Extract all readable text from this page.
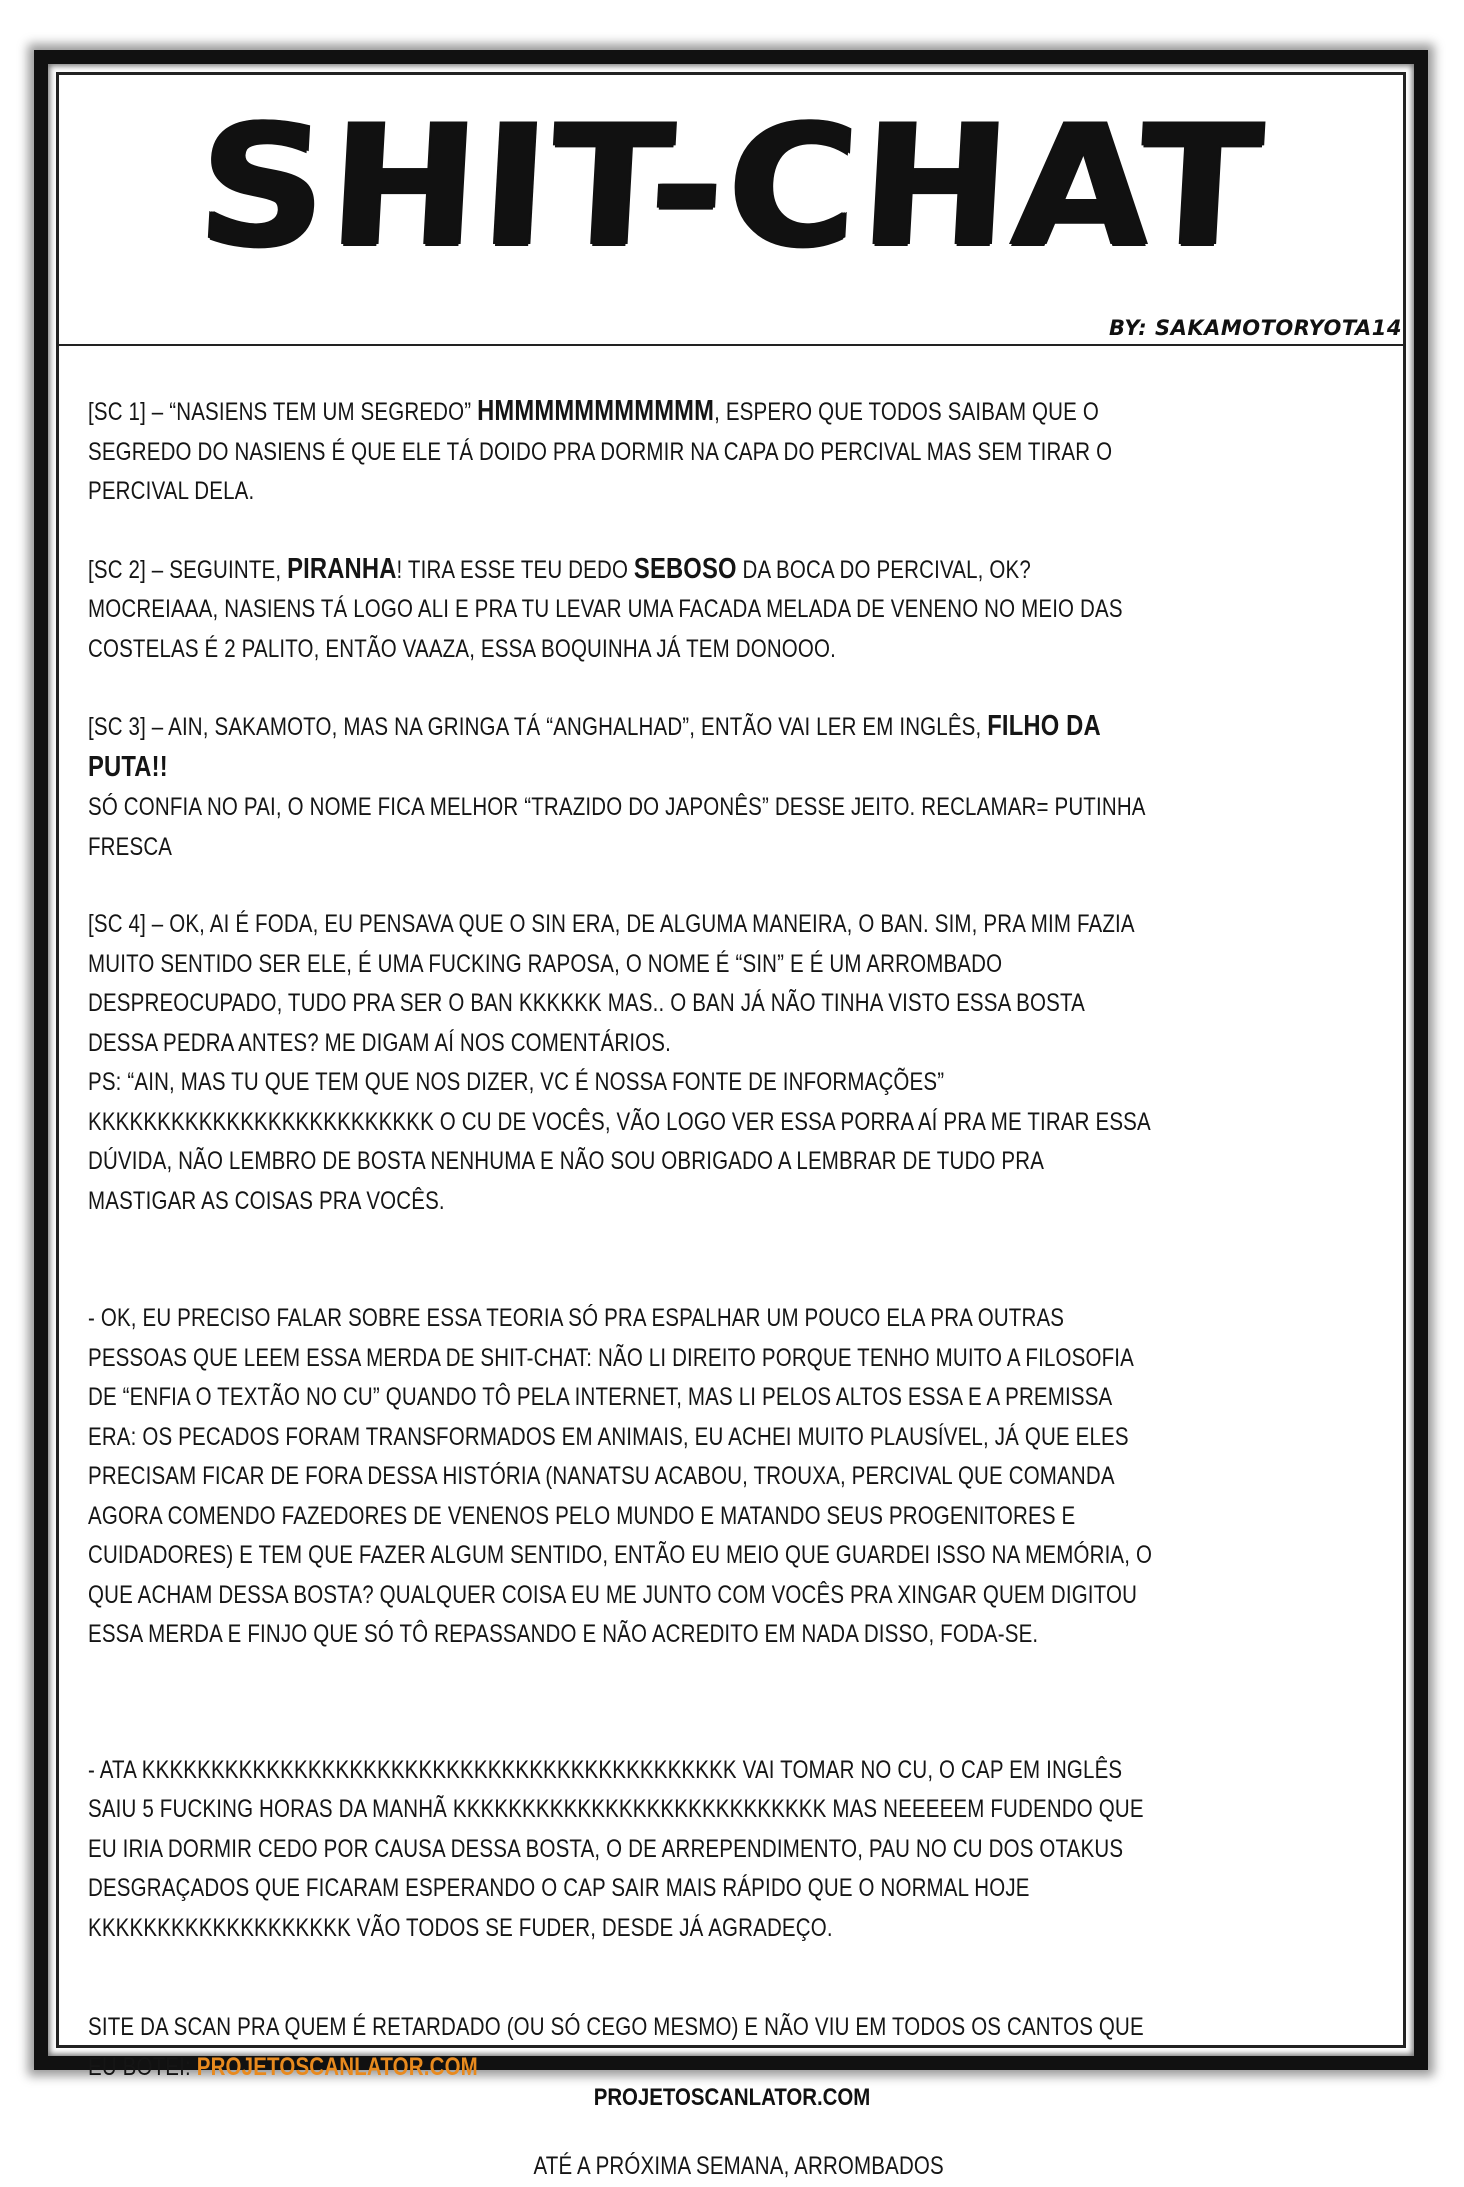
SHIT-CHAT
BY: SAKAMOTORYOTA14

[SC 1] – “NASIENS TEM UM SEGREDO” HMMMMMMMMMMM, ESPERO QUE TODOS SAIBAM QUE O SEGREDO DO NASIENS É QUE ELE TÁ DOIDO PRA DORMIR NA CAPA DO PERCIVAL MAS SEM TIRAR O PERCIVAL DELA.

[SC 2] – SEGUINTE, PIRANHA! TIRA ESSE TEU DEDO SEBOSO DA BOCA DO PERCIVAL, OK? MOCREIAAA, NASIENS TÁ LOGO ALI E PRA TU LEVAR UMA FACADA MELADA DE VENENO NO MEIO DAS COSTELAS É 2 PALITO, ENTÃO VAAZA, ESSA BOQUINHA JÁ TEM DONOOO.

[SC 3] – AIN, SAKAMOTO, MAS NA GRINGA TÁ “ANGHALHAD”, ENTÃO VAI LER EM INGLÊS, FILHO DA PUTA!!

SÓ CONFIA NO PAI, O NOME FICA MELHOR “TRAZIDO DO JAPONÊS” DESSE JEITO. RECLAMAR= PUTINHA FRESCA

[SC 4] – OK, AI É FODA, EU PENSAVA QUE O SIN ERA, DE ALGUMA MANEIRA, O BAN. SIM, PRA MIM FAZIA MUITO SENTIDO SER ELE, É UMA FUCKING RAPOSA, O NOME É “SIN” E É UM ARROMBADO DESPREOCUPADO, TUDO PRA SER O BAN KKKKKK MAS.. O BAN JÁ NÃO TINHA VISTO ESSA BOSTA DESSA PEDRA ANTES? ME DIGAM AÍ NOS COMENTÁRIOS.

PS: “AIN, MAS TU QUE TEM QUE NOS DIZER, VC É NOSSA FONTE DE INFORMAÇÕES” KKKKKKKKKKKKKKKKKKKKKKKKK O CU DE VOCÊS, VÃO LOGO VER ESSA PORRA AÍ PRA ME TIRAR ESSA DÚVIDA, NÃO LEMBRO DE BOSTA NENHUMA E NÃO SOU OBRIGADO A LEMBRAR DE TUDO PRA MASTIGAR AS COISAS PRA VOCÊS.

- OK, EU PRECISO FALAR SOBRE ESSA TEORIA SÓ PRA ESPALHAR UM POUCO ELA PRA OUTRAS PESSOAS QUE LEEM ESSA MERDA DE SHIT-CHAT: NÃO LI DIREITO PORQUE TENHO MUITO A FILOSOFIA DE “ENFIA O TEXTÃO NO CU” QUANDO TÔ PELA INTERNET, MAS LI PELOS ALTOS ESSA E A PREMISSA ERA: OS PECADOS FORAM TRANSFORMADOS EM ANIMAIS, EU ACHEI MUITO PLAUSÍVEL, JÁ QUE ELES PRECISAM FICAR DE FORA DESSA HISTÓRIA (NANATSU ACABOU, TROUXA, PERCIVAL QUE COMANDA AGORA COMENDO FAZEDORES DE VENENOS PELO MUNDO E MATANDO SEUS PROGENITORES E CUIDADORES) E TEM QUE FAZER ALGUM SENTIDO, ENTÃO EU MEIO QUE GUARDEI ISSO NA MEMÓRIA, O QUE ACHAM DESSA BOSTA? QUALQUER COISA EU ME JUNTO COM VOCÊS PRA XINGAR QUEM DIGITOU ESSA MERDA E FINJO QUE SÓ TÔ REPASSANDO E NÃO ACREDITO EM NADA DISSO, FODA-SE.

- ATA KKKKKKKKKKKKKKKKKKKKKKKKKKKKKKKKKKKKKKKKKKK VAI TOMAR NO CU, O CAP EM INGLÊS SAIU 5 FUCKING HORAS DA MANHÃ KKKKKKKKKKKKKKKKKKKKKKKKKKK MAS NEEEEEM FUDENDO QUE EU IRIA DORMIR CEDO POR CAUSA DESSA BOSTA, O DE ARREPENDIMENTO, PAU NO CU DOS OTAKUS DESGRAÇADOS QUE FICARAM ESPERANDO O CAP SAIR MAIS RÁPIDO QUE O NORMAL HOJE KKKKKKKKKKKKKKKKKKK VÃO TODOS SE FUDER, DESDE JÁ AGRADEÇO.

SITE DA SCAN PRA QUEM É RETARDADO (OU SÓ CEGO MESMO) E NÃO VIU EM TODOS OS CANTOS QUE EU BOTEI: PROJETOSCANLATOR.COM

ATÉ A PRÓXIMA SEMANA, ARROMBADOS

PROJETOSCANLATOR.COM
